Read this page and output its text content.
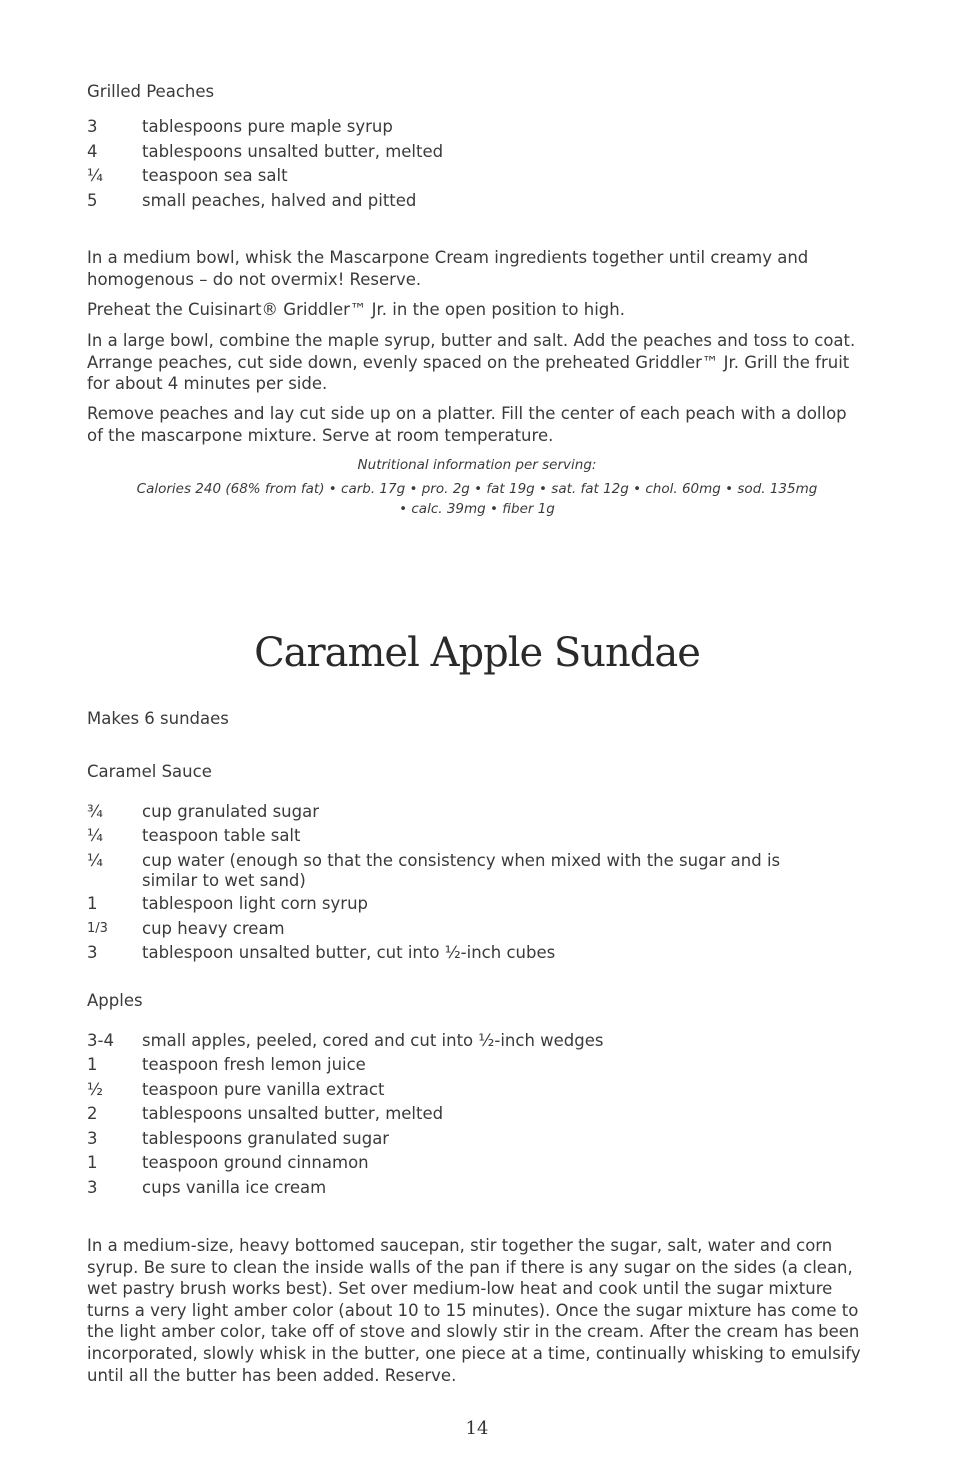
Grilled Peaches
3	tablespoons pure maple syrup
4	tablespoons unsalted butter, melted
¼	teaspoon sea salt
5	small peaches, halved and pitted

In a medium bowl, whisk the Mascarpone Cream ingredients together until creamy and homogenous – do not overmix! Reserve.

Preheat the Cuisinart® Griddler™ Jr. in the open position to high.

In a large bowl, combine the maple syrup, butter and salt. Add the peaches and toss to coat. Arrange peaches, cut side down, evenly spaced on the preheated Griddler™ Jr. Grill the fruit for about 4 minutes per side.

Remove peaches and lay cut side up on a platter. Fill the center of each peach with a dollop of the mascarpone mixture. Serve at room temperature.

Nutritional information per serving:
Calories 240 (68% from fat) • carb. 17g • pro. 2g • fat 19g • sat. fat 12g • chol. 60mg • sod. 135mg
• calc. 39mg • fiber 1g
Caramel Apple Sundae
Makes 6 sundaes
Caramel Sauce
¾	cup granulated sugar
¼	teaspoon table salt
¼	cup water (enough so that the consistency when mixed with the sugar and is similar to wet sand)
1	tablespoon light corn syrup
1/3	cup heavy cream
3	tablespoon unsalted butter, cut into ½-inch cubes
Apples
3-4	small apples, peeled, cored and cut into ½-inch wedges
1	teaspoon fresh lemon juice
½	teaspoon pure vanilla extract
2	tablespoons unsalted butter, melted
3	tablespoons granulated sugar
1	teaspoon ground cinnamon
3	cups vanilla ice cream

In a medium-size, heavy bottomed saucepan, stir together the sugar, salt, water and corn syrup. Be sure to clean the inside walls of the pan if there is any sugar on the sides (a clean, wet pastry brush works best). Set over medium-low heat and cook until the sugar mixture turns a very light amber color (about 10 to 15 minutes). Once the sugar mixture has come to the light amber color, take off of stove and slowly stir in the cream. After the cream has been incorporated, slowly whisk in the butter, one piece at a time, continually whisking to emulsify until all the butter has been added. Reserve.

14
